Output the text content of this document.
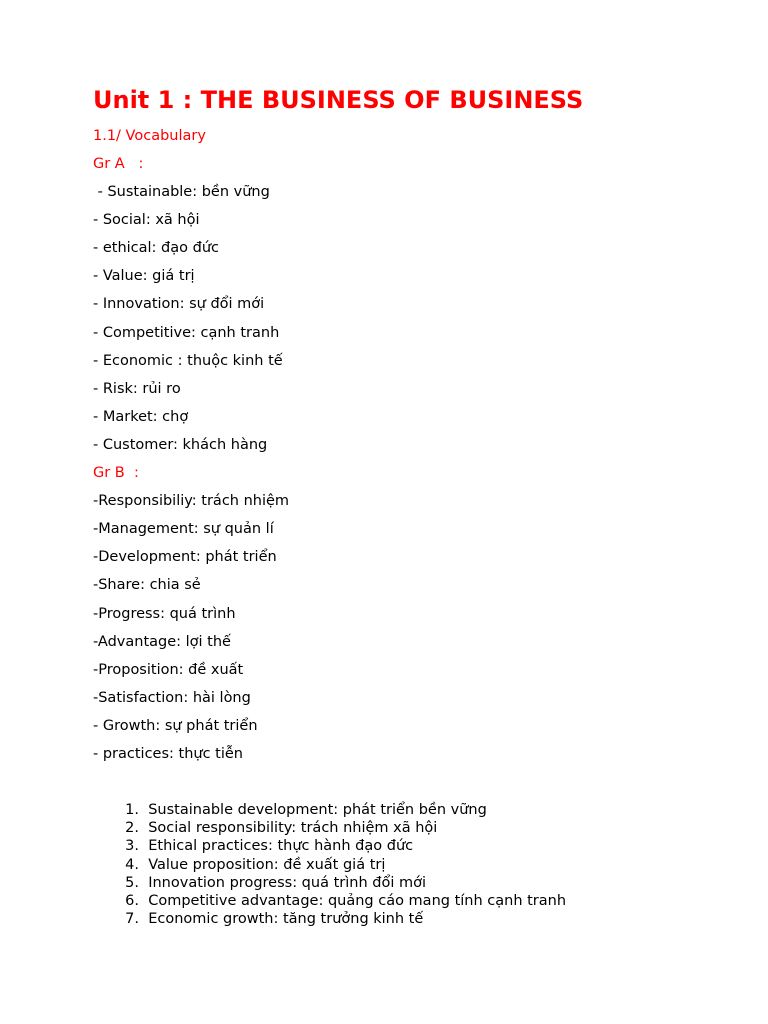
Unit 1 : THE BUSINESS OF BUSINESS
1.1/ Vocabulary
Gr A   :
- Sustainable: bền vững
- Social: xã hội
- ethical: đạo đức
- Value: giá trị
- Innovation: sự đổi mới
- Competitive: cạnh tranh
- Economic : thuộc kinh tế
- Risk: rủi ro
- Market: chợ
- Customer: khách hàng
Gr B  :
-Responsibiliy: trách nhiệm
-Management: sự quản lí
-Development: phát triển
-Share: chia sẻ
-Progress: quá trình
-Advantage: lợi thế
-Proposition: đề xuất
-Satisfaction: hài lòng
- Growth: sự phát triển
- practices: thực tiễn
1.
Sustainable development: phát triển bền vững
2.
Social responsibility: trách nhiệm xã hội
3.
Ethical practices: thực hành đạo đức
4.
Value proposition: đề xuất giá trị
5.
Innovation progress: quá trình đổi mới
6.
Competitive advantage: quảng cáo mang tính cạnh tranh
7.
Economic growth: tăng trưởng kinh tế
